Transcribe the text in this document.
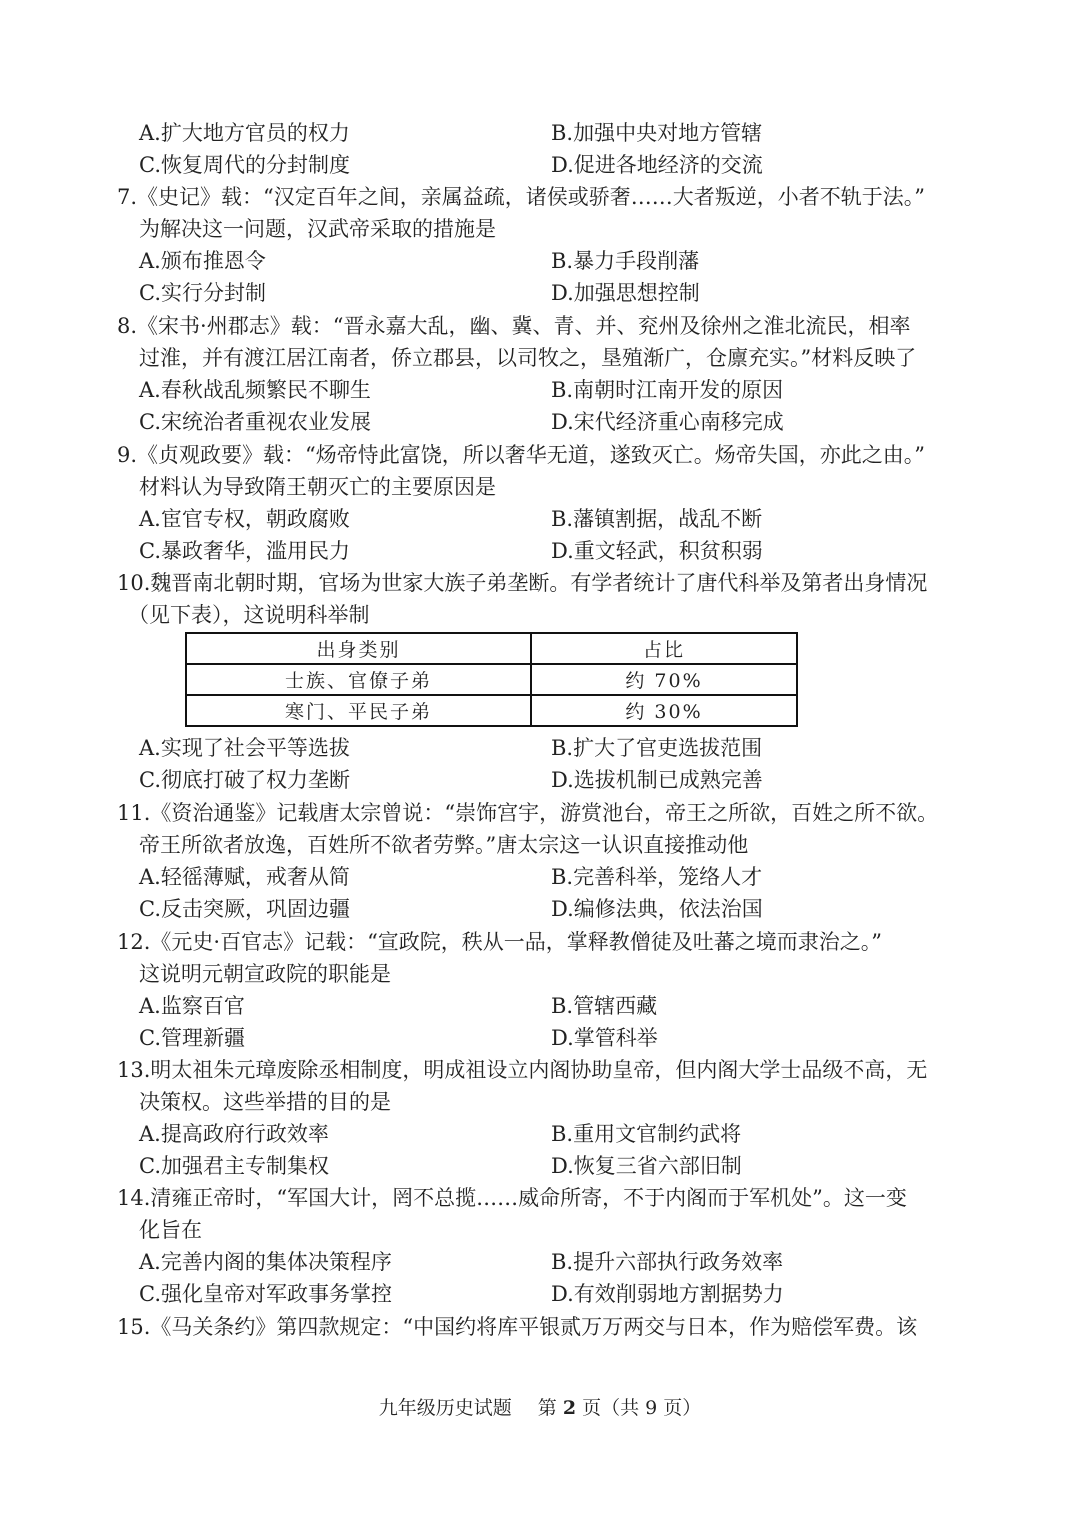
A.扩大地方官员的权力	B.加强中央对地方管辖
C.恢复周代的分封制度	D.促进各地经济的交流
7.《史记》载：“汉定百年之间，亲属益疏，诸侯或骄奢……大者叛逆，小者不轨于法。”
为解决这一问题，汉武帝采取的措施是
A.颁布推恩令	B.暴力手段削藩
C.实行分封制	D.加强思想控制
8.《宋书·州郡志》载：“晋永嘉大乱，幽、冀、青、并、兖州及徐州之淮北流民，相率
过淮，并有渡江居江南者，侨立郡县，以司牧之，垦殖渐广，仓廪充实。”材料反映了
A.春秋战乱频繁民不聊生	B.南朝时江南开发的原因
C.宋统治者重视农业发展	D.宋代经济重心南移完成
9.《贞观政要》载：“炀帝恃此富饶，所以奢华无道，遂致灭亡。炀帝失国，亦此之由。”
材料认为导致隋王朝灭亡的主要原因是
A.宦官专权，朝政腐败	B.藩镇割据，战乱不断
C.暴政奢华，滥用民力	D.重文轻武，积贫积弱
10.魏晋南北朝时期，官场为世家大族子弟垄断。有学者统计了唐代科举及第者出身情况
（见下表），这说明科举制
出身类别	占比
士族、官僚子弟	约 70%
寒门、平民子弟	约 30%
A.实现了社会平等选拔	B.扩大了官吏选拔范围
C.彻底打破了权力垄断	D.选拔机制已成熟完善
11.《资治通鉴》记载唐太宗曾说：“崇饰宫宇，游赏池台，帝王之所欲，百姓之所不欲。
帝王所欲者放逸，百姓所不欲者劳弊。”唐太宗这一认识直接推动他
A.轻徭薄赋，戒奢从简	B.完善科举，笼络人才
C.反击突厥，巩固边疆	D.编修法典，依法治国
12.《元史·百官志》记载：“宣政院，秩从一品，掌释教僧徒及吐蕃之境而隶治之。”
这说明元朝宣政院的职能是
A.监察百官	B.管辖西藏
C.管理新疆	D.掌管科举
13.明太祖朱元璋废除丞相制度，明成祖设立内阁协助皇帝，但内阁大学士品级不高，无
决策权。这些举措的目的是
A.提高政府行政效率	B.重用文官制约武将
C.加强君主专制集权	D.恢复三省六部旧制
14.清雍正帝时，“军国大计，罔不总揽……威命所寄，不于内阁而于军机处”。这一变
化旨在
A.完善内阁的集体决策程序	B.提升六部执行政务效率
C.强化皇帝对军政事务掌控	D.有效削弱地方割据势力
15.《马关条约》第四款规定：“中国约将库平银贰万万两交与日本，作为赔偿军费。该
九年级历史试题 第 2 页（共 9 页）
